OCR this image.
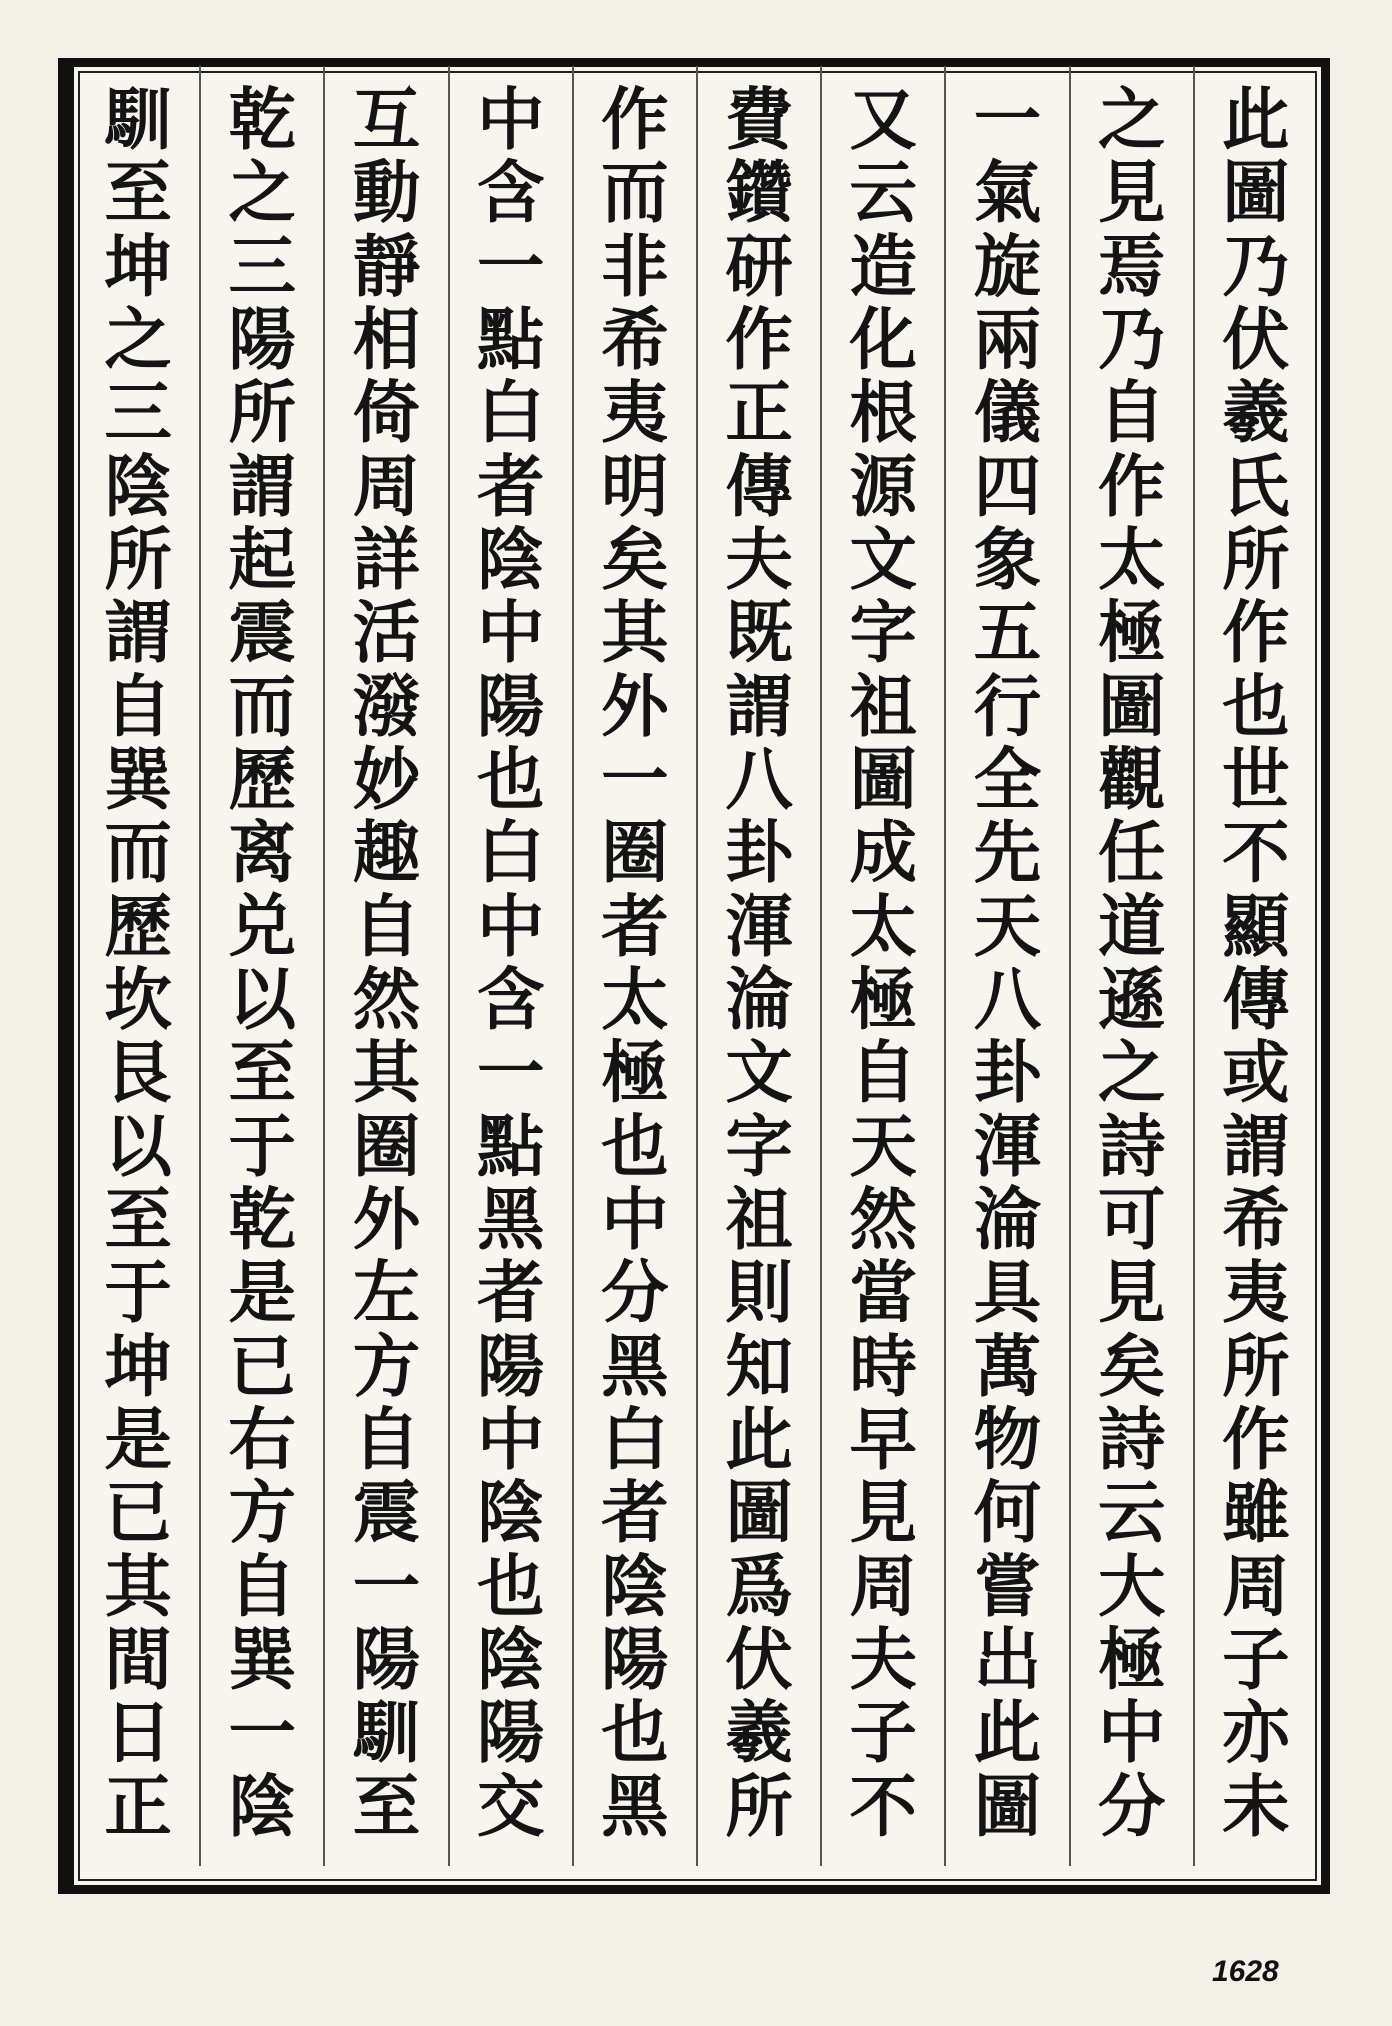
此
圖
乃
伏
羲
氏
所
作
也
世
不
顯
傳
或
謂
希
夷
所
作
雖
周
子
亦
未
之
見
焉
乃
自
作
太
極
圖
觀
任
道
遜
之
詩
可
見
矣
詩
云
大
極
中
分
一
氣
旋
兩
儀
四
象
五
行
全
先
天
八
卦
渾
淪
具
萬
物
何
嘗
出
此
圖
又
云
造
化
根
源
文
字
祖
圖
成
太
極
自
天
然
當
時
早
見
周
夫
子
不
費
鑽
研
作
正
傳
夫
既
謂
八
卦
渾
淪
文
字
祖
則
知
此
圖
爲
伏
羲
所
作
而
非
希
夷
明
矣
其
外
一
圈
者
太
極
也
中
分
黑
白
者
陰
陽
也
黑
中
含
一
點
白
者
陰
中
陽
也
白
中
含
一
點
黑
者
陽
中
陰
也
陰
陽
交
互
動
靜
相
倚
周
詳
活
潑
妙
趣
自
然
其
圈
外
左
方
自
震
一
陽
馴
至
乾
之
三
陽
所
謂
起
震
而
歷
离
兑
以
至
于
乾
是
已
右
方
自
巽
一
陰
馴
至
坤
之
三
陰
所
謂
自
巽
而
歷
坎
艮
以
至
于
坤
是
已
其
間
日
正
1628
